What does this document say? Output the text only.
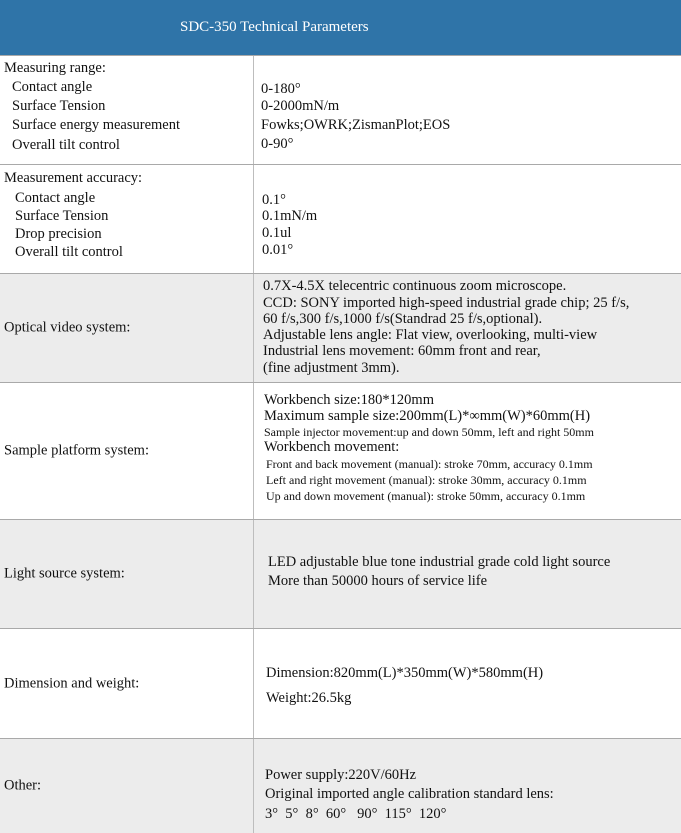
SDC-350 Technical Parameters
Measuring range:
Contact angle
Surface Tension
Surface energy measurement
Overall tilt control
0-180°
0-2000mN/m
Fowks;OWRK;ZismanPlot;EOS
0-90°
Measurement accuracy:
Contact angle
Surface Tension
Drop precision
Overall tilt control
0.1°
0.1mN/m
0.1ul
0.01°
Optical video system:
0.7X-4.5X telecentric continuous zoom microscope.
CCD: SONY imported high-speed industrial grade chip; 25 f/s,
60 f/s,300 f/s,1000 f/s(Standrad 25 f/s,optional).
Adjustable lens angle: Flat view, overlooking, multi-view
Industrial lens movement: 60mm front and rear,
(fine adjustment 3mm).
Sample platform system:
Workbench size:180*120mm
Maximum sample size:200mm(L)*∞mm(W)*60mm(H)
Sample injector movement:up and down 50mm, left and right 50mm
Workbench movement:
Front and back movement (manual): stroke 70mm, accuracy 0.1mm
Left and right movement (manual): stroke 30mm, accuracy 0.1mm
Up and down movement (manual): stroke 50mm, accuracy 0.1mm
Light source system:
LED adjustable blue tone industrial grade cold light source
More than 50000 hours of service life
Dimension and weight:
Dimension:820mm(L)*350mm(W)*580mm(H)
Weight:26.5kg
Other:
Power supply:220V/60Hz
Original imported angle calibration standard lens:
3°  5°  8°  60°   90°  115°  120°
